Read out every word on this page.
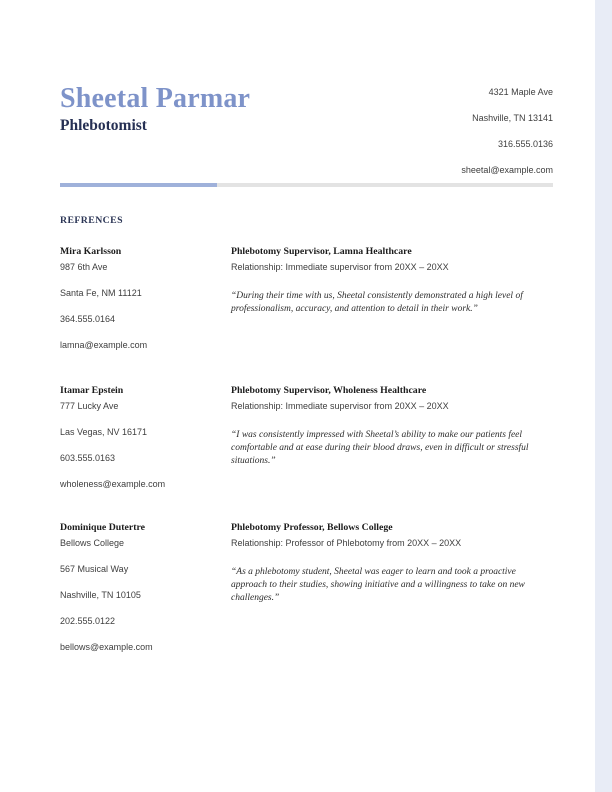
Sheetal Parmar
Phlebotomist
4321 Maple Ave
Nashville, TN 13141
316.555.0136
sheetal@example.com
REFRENCES
Mira Karlsson
987 6th Ave
Santa Fe, NM 11121
364.555.0164
lamna@example.com
Phlebotomy Supervisor, Lamna Healthcare
Relationship: Immediate supervisor from 20XX – 20XX
“During their time with us, Sheetal consistently demonstrated a high level of professionalism, accuracy, and attention to detail in their work.”
Itamar Epstein
777 Lucky Ave
Las Vegas, NV 16171
603.555.0163
wholeness@example.com
Phlebotomy Supervisor, Wholeness Healthcare
Relationship: Immediate supervisor from 20XX – 20XX
“I was consistently impressed with Sheetal’s ability to make our patients feel comfortable and at ease during their blood draws, even in difficult or stressful situations.”
Dominique Dutertre
Bellows College
567 Musical Way
Nashville, TN 10105
202.555.0122
bellows@example.com
Phlebotomy Professor, Bellows College
Relationship: Professor of Phlebotomy from 20XX – 20XX
“As a phlebotomy student, Sheetal was eager to learn and took a proactive approach to their studies, showing initiative and a willingness to take on new challenges.”
